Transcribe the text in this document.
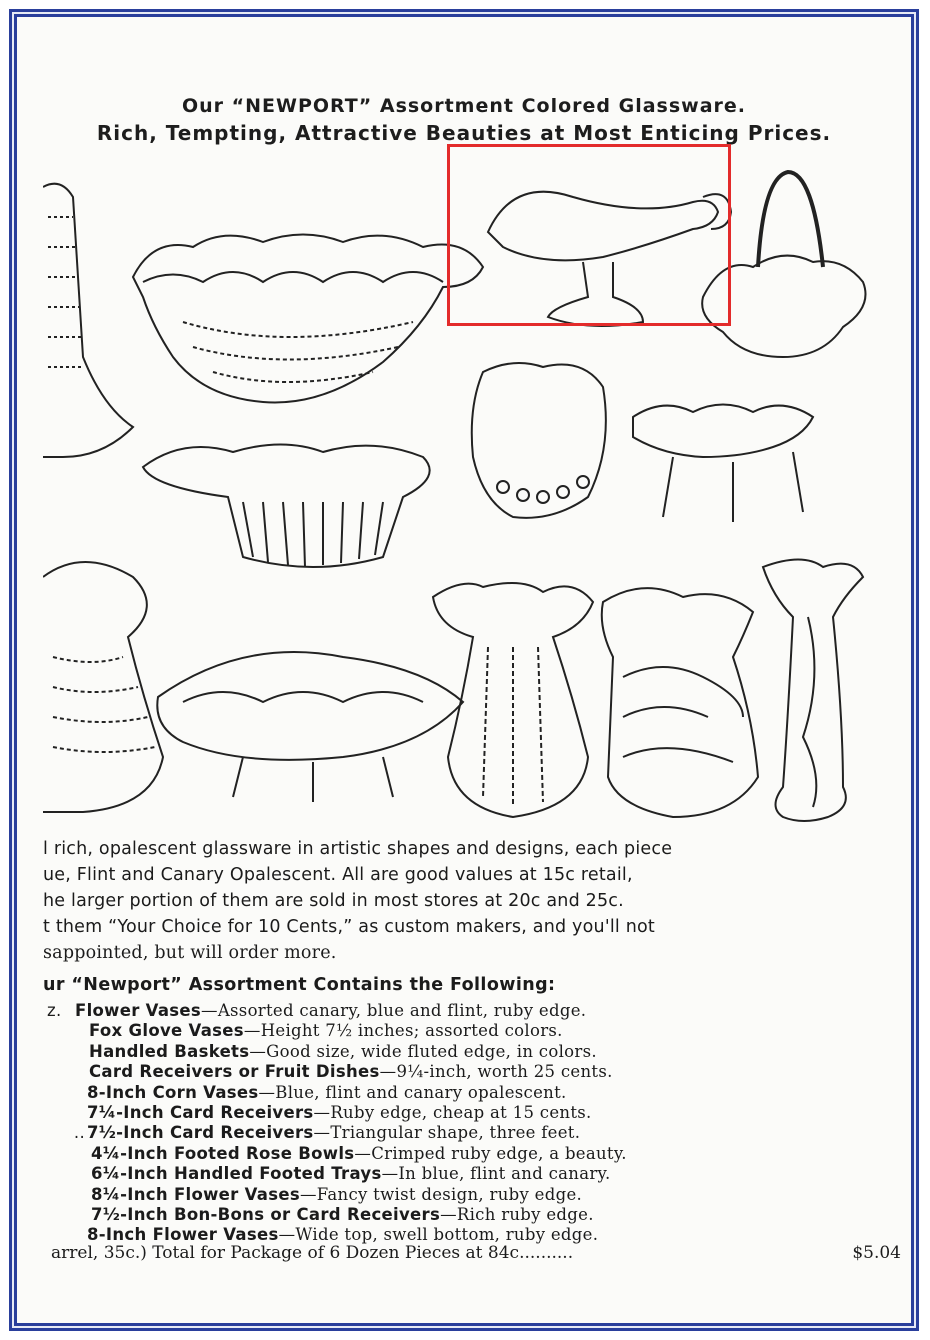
Our “NEWPORT” Assortment Colored Glassware.
Rich, Tempting, Attractive Beauties at Most Enticing Prices.
l rich, opalescent glassware in artistic shapes and designs, each piece
ue, Flint and Canary Opalescent. All are good values at 15c retail,
he larger portion of them are sold in most stores at 20c and 25c.
t them “Your Choice for 10 Cents,” as custom makers, and you'll not
sappointed, but will order more.
ur “Newport” Assortment Contains the Following:
z. Flower Vases—Assorted canary, blue and flint, ruby edge.
Fox Glove Vases—Height 7½ inches; assorted colors.
Handled Baskets—Good size, wide fluted edge, in colors.
Card Receivers or Fruit Dishes—9¼-inch, worth 25 cents.
8-Inch Corn Vases—Blue, flint and canary opalescent.
7¼-Inch Card Receivers—Ruby edge, cheap at 15 cents.
.. 7½-Inch Card Receivers—Triangular shape, three feet.
4¼-Inch Footed Rose Bowls—Crimped ruby edge, a beauty.
6¼-Inch Handled Footed Trays—In blue, flint and canary.
8¼-Inch Flower Vases—Fancy twist design, ruby edge.
7½-Inch Bon-Bons or Card Receivers—Rich ruby edge.
8-Inch Flower Vases—Wide top, swell bottom, ruby edge.
arrel, 35c.) Total for Package of 6 Dozen Pieces at 84c..........	$5.04
